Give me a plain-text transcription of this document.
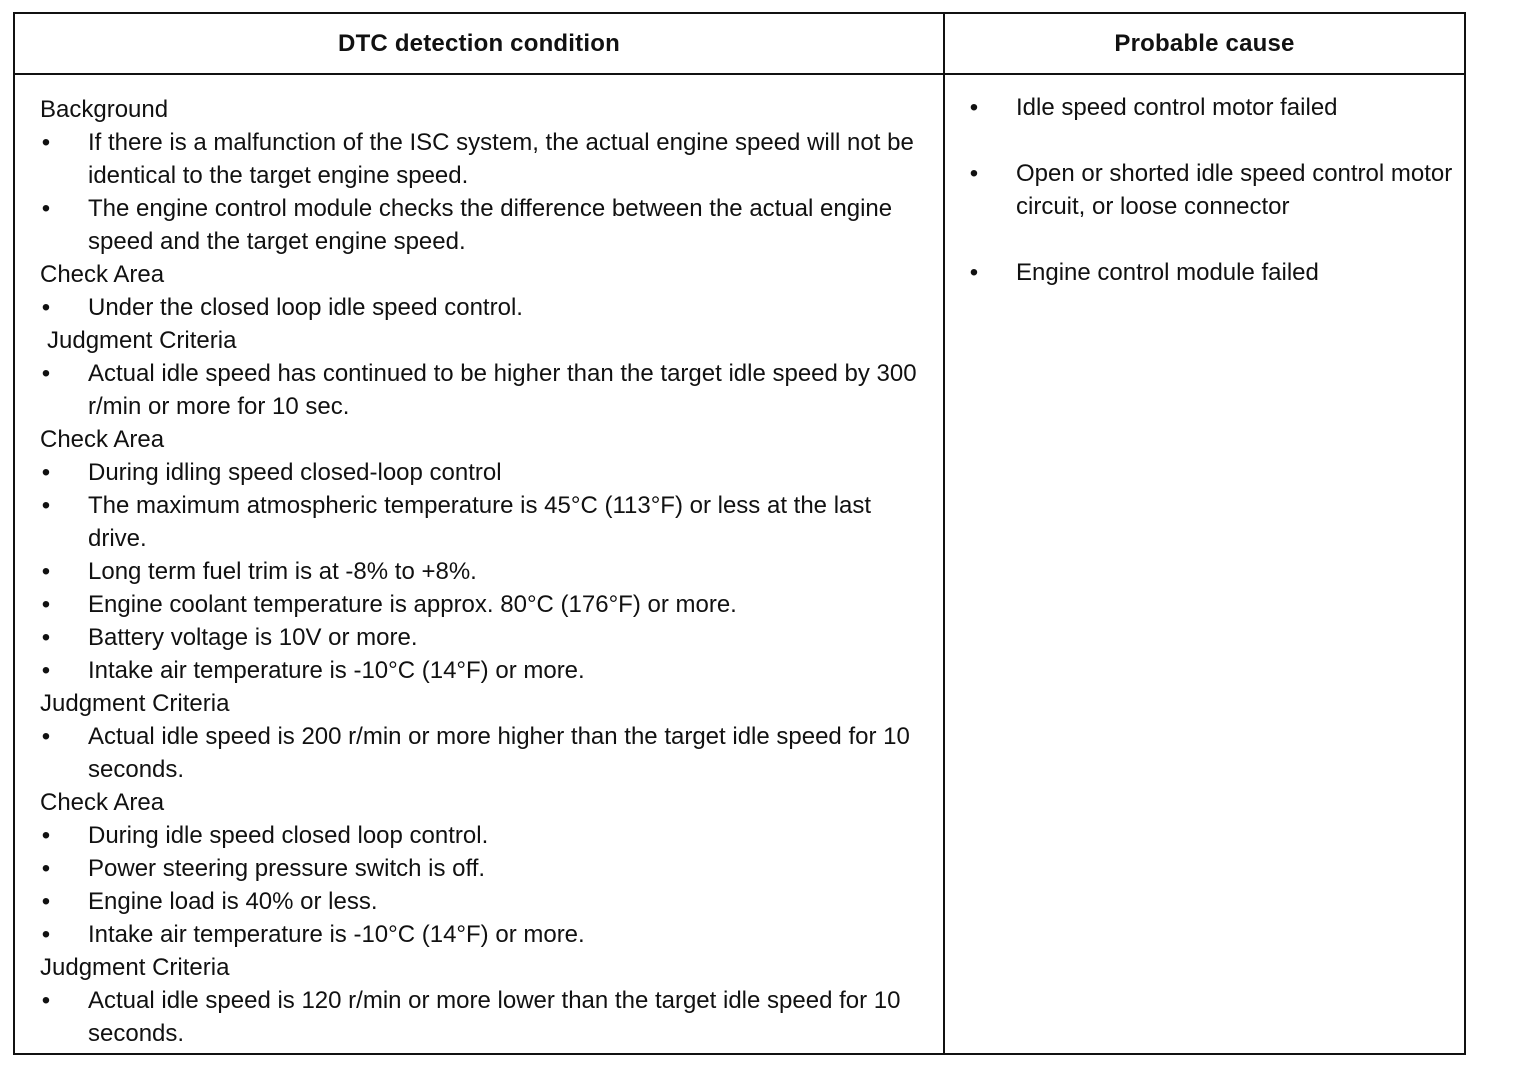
DTC detection condition	Probable cause
Background
• If there is a malfunction of the ISC system, the actual engine speed will not be identical to the target engine speed.
• The engine control module checks the difference between the actual engine speed and the target engine speed.
Check Area
• Under the closed loop idle speed control.
Judgment Criteria
• Actual idle speed has continued to be higher than the target idle speed by 300 r/min or more for 10 sec.
Check Area
• During idling speed closed-loop control
• The maximum atmospheric temperature is 45°C (113°F) or less at the last drive.
• Long term fuel trim is at -8% to +8%.
• Engine coolant temperature is approx. 80°C (176°F) or more.
• Battery voltage is 10V or more.
• Intake air temperature is -10°C (14°F) or more.
Judgment Criteria
• Actual idle speed is 200 r/min or more higher than the target idle speed for 10 seconds.
Check Area
• During idle speed closed loop control.
• Power steering pressure switch is off.
• Engine load is 40% or less.
• Intake air temperature is -10°C (14°F) or more.
Judgment Criteria
• Actual idle speed is 120 r/min or more lower than the target idle speed for 10 seconds.
• Idle speed control motor failed
• Open or shorted idle speed control motor circuit, or loose connector
• Engine control module failed
